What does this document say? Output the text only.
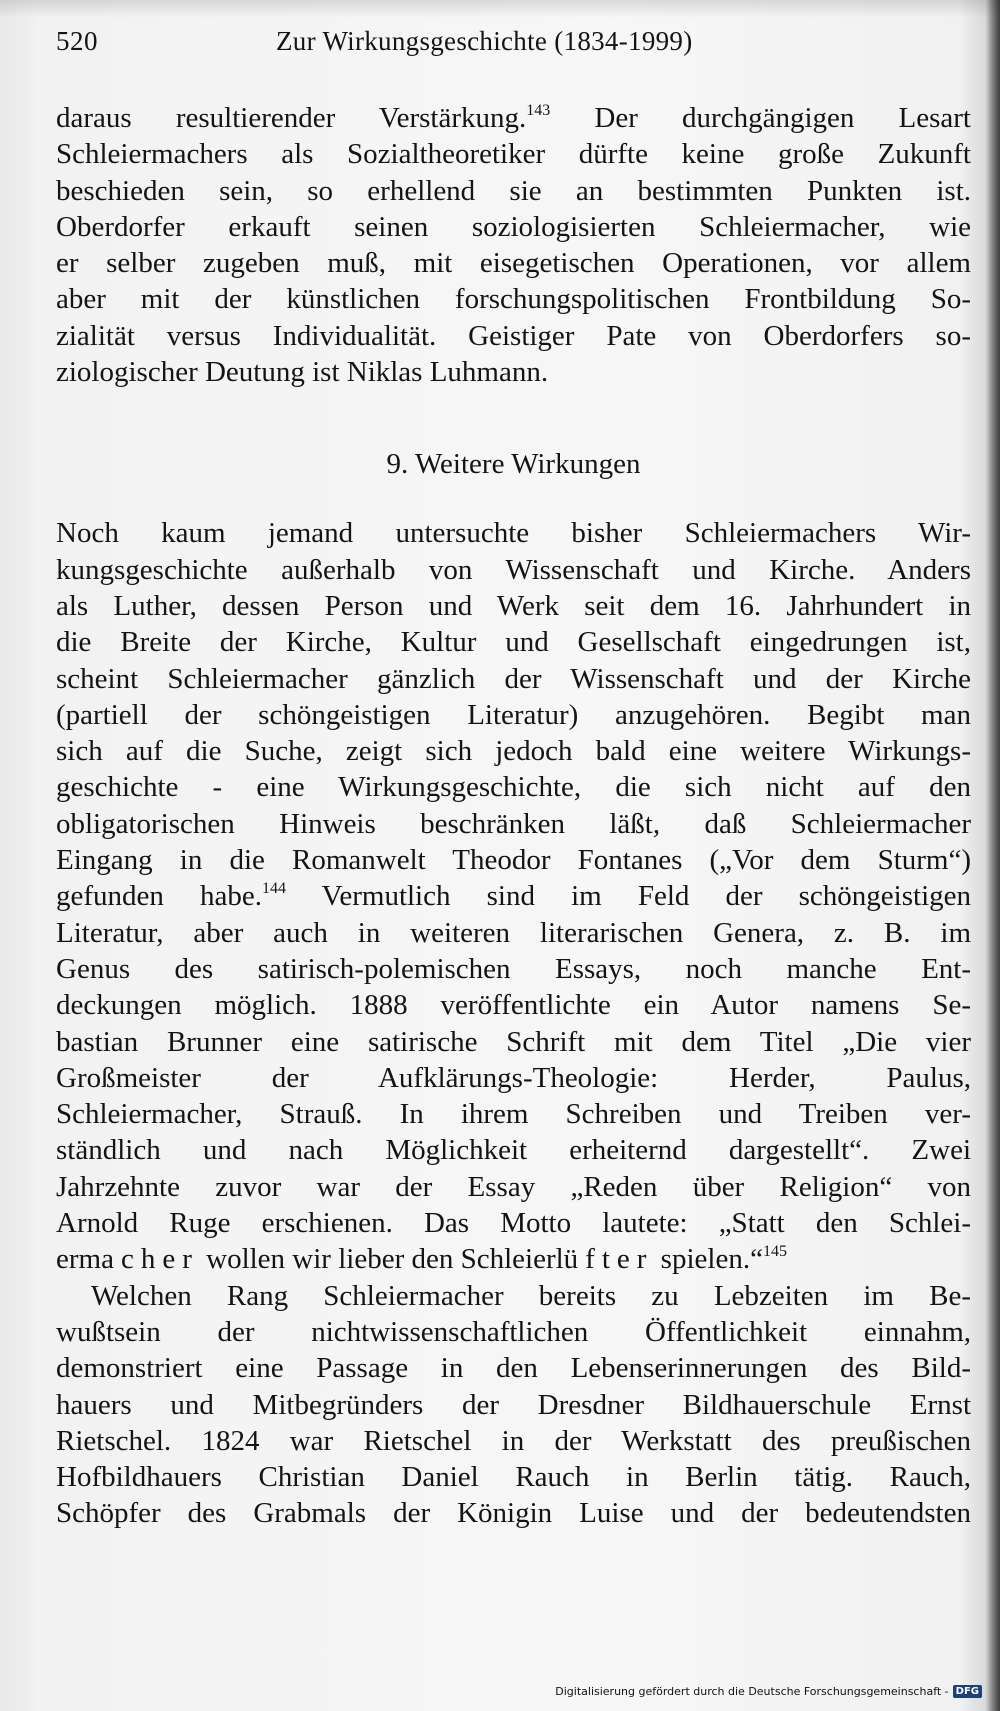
520	Zur Wirkungsgeschichte (1834-1999)

daraus resultierender Verstärkung.$^{143}$ Der durchgängigen Lesart
Schleiermachers als Sozialtheoretiker dürfte keine große Zukunft
beschieden sein, so erhellend sie an bestimmten Punkten ist.
Oberdorfer erkauft seinen soziologisierten Schleiermacher, wie
er selber zugeben muß, mit eisegetischen Operationen, vor allem
aber mit der künstlichen forschungspolitischen Frontbildung So-
zialität versus Individualität. Geistiger Pate von Oberdorfers so-
ziologischer Deutung ist Niklas Luhmann.

9. Weitere Wirkungen

Noch kaum jemand untersuchte bisher Schleiermachers Wir-
kungsgeschichte außerhalb von Wissenschaft und Kirche. Anders
als Luther, dessen Person und Werk seit dem 16. Jahrhundert in
die Breite der Kirche, Kultur und Gesellschaft eingedrungen ist,
scheint Schleiermacher gänzlich der Wissenschaft und der Kirche
(partiell der schöngeistigen Literatur) anzugehören. Begibt man
sich auf die Suche, zeigt sich jedoch bald eine weitere Wirkungs-
geschichte - eine Wirkungsgeschichte, die sich nicht auf den
obligatorischen Hinweis beschränken läßt, daß Schleiermacher
Eingang in die Romanwelt Theodor Fontanes („Vor dem Sturm“)
gefunden habe.$^{144}$ Vermutlich sind im Feld der schöngeistigen
Literatur, aber auch in weiteren literarischen Genera, z. B. im
Genus des satirisch-polemischen Essays, noch manche Ent-
deckungen möglich. 1888 veröffentlichte ein Autor namens Se-
bastian Brunner eine satirische Schrift mit dem Titel „Die vier
Großmeister der Aufklärungs-Theologie: Herder, Paulus,
Schleiermacher, Strauß. In ihrem Schreiben und Treiben ver-
ständlich und nach Möglichkeit erheiternd dargestellt“. Zwei
Jahrzehnte zuvor war der Essay „Reden über Religion“ von
Arnold Ruge erschienen. Das Motto lautete: „Statt den Schlei-
ermacher wollen wir lieber den Schleierlüfter spielen.“$^{145}$

Welchen Rang Schleiermacher bereits zu Lebzeiten im Be-
wußtsein der nichtwissenschaftlichen Öffentlichkeit einnahm,
demonstriert eine Passage in den Lebenserinnerungen des Bild-
hauers und Mitbegründers der Dresdner Bildhauerschule Ernst
Rietschel. 1824 war Rietschel in der Werkstatt des preußischen
Hofbildhauers Christian Daniel Rauch in Berlin tätig. Rauch,
Schöpfer des Grabmals der Königin Luise und der bedeutendsten

Digitalisierung gefördert durch die Deutsche Forschungsgemeinschaft - DFG
